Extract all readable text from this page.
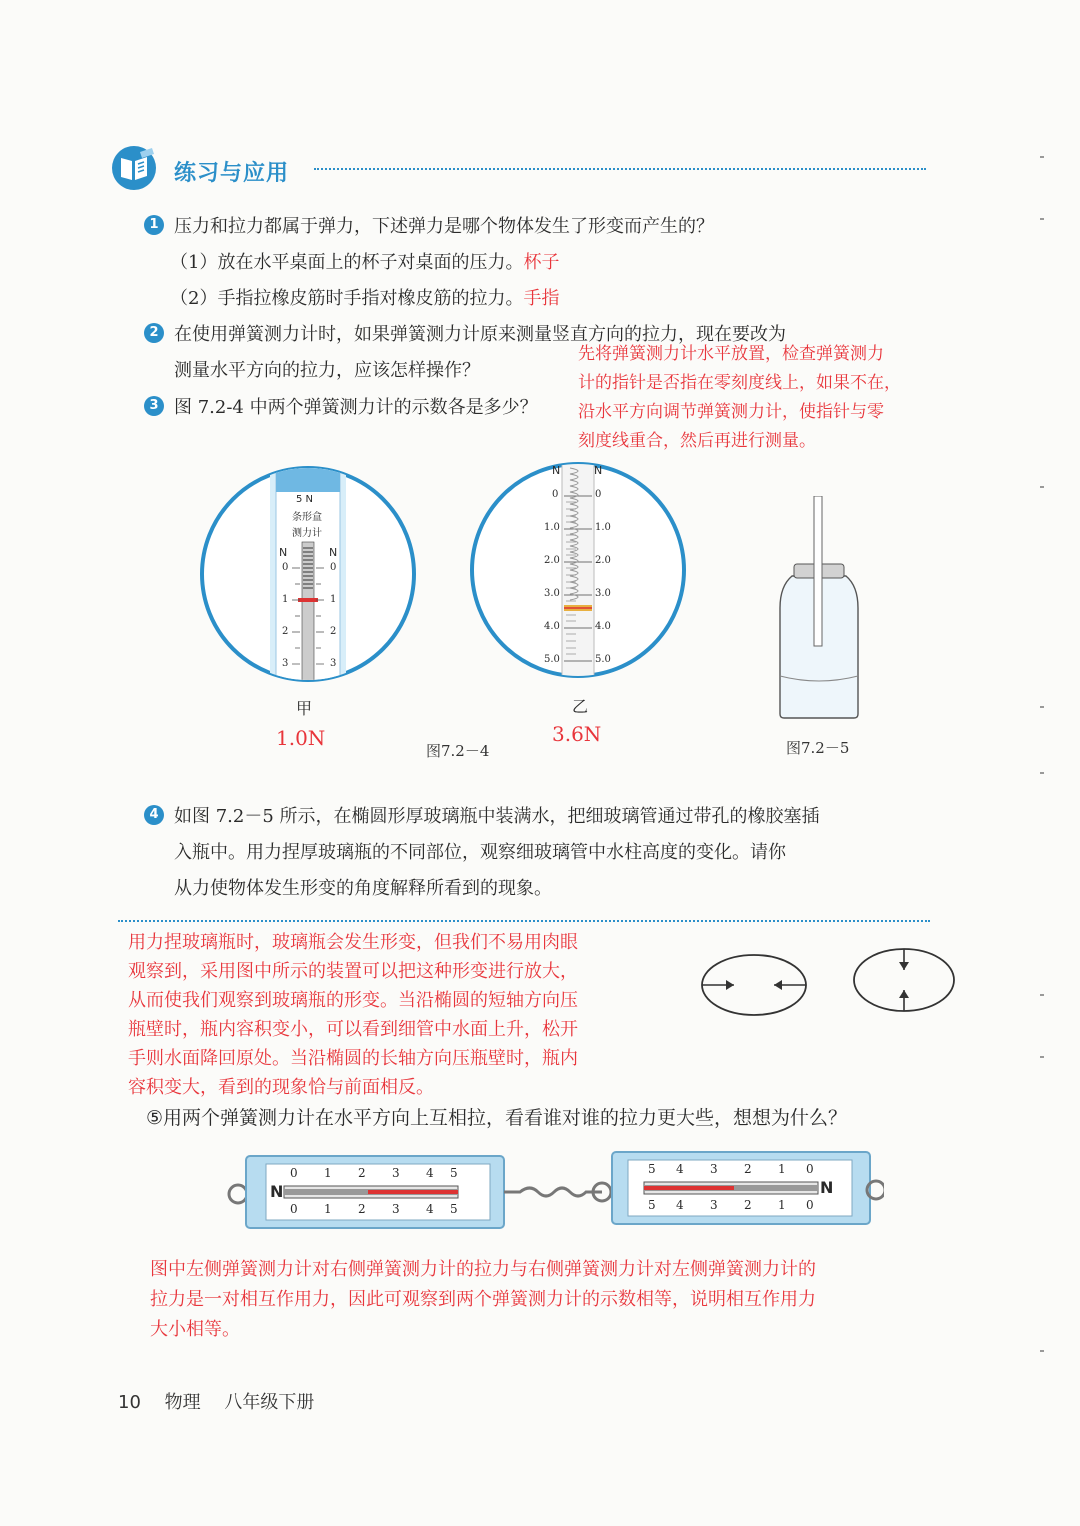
练习与应用
1 压力和拉力都属于弹力，下述弹力是哪个物体发生了形变而产生的？
（1）放在水平桌面上的杯子对桌面的压力。杯子
（2）手指拉橡皮筋时手指对橡皮筋的拉力。手指
2 在使用弹簧测力计时，如果弹簧测力计原来测量竖直方向的拉力，现在要改为
测量水平方向的拉力，应该怎样操作？
先将弹簧测力计水平放置，检查弹簧测力
计的指针是否指在零刻度线上，如果不在，
沿水平方向调节弹簧测力计，使指针与零
刻度线重合，然后再进行测量。
3 图 7.2-4 中两个弹簧测力计的示数各是多少？
5 N
条形盒
测力计
N	N
0	0
1	1
2	2
3	3
甲
1.0N
N	N
0	0
1.0	1.0
2.0	2.0
3.0	3.0
4.0	4.0
5.0	5.0
乙
3.6N
图7.2－4	图7.2－5
4 如图 7.2－5 所示，在椭圆形厚玻璃瓶中装满水，把细玻璃管通过带孔的橡胶塞插
入瓶中。用力捏厚玻璃瓶的不同部位，观察细玻璃管中水柱高度的变化。请你
从力使物体发生形变的角度解释所看到的现象。
用力捏玻璃瓶时，玻璃瓶会发生形变，但我们不易用肉眼
观察到，采用图中所示的装置可以把这种形变进行放大，
从而使我们观察到玻璃瓶的形变。当沿椭圆的短轴方向压
瓶壁时，瓶内容积变小，可以看到细管中水面上升，松开
手则水面降回原处。当沿椭圆的长轴方向压瓶壁时，瓶内
容积变大，看到的现象恰与前面相反。
⑤用两个弹簧测力计在水平方向上互相拉，看看谁对谁的拉力更大些，想想为什么？
N
0 1 2 3 4 5
0 1 2 3 4 5
N
5 4 3 2 1 0
5 4 3 2 1 0
图中左侧弹簧测力计对右侧弹簧测力计的拉力与右侧弹簧测力计对左侧弹簧测力计的
拉力是一对相互作用力，因此可观察到两个弹簧测力计的示数相等，说明相互作用力
大小相等。
10 物理 八年级下册
